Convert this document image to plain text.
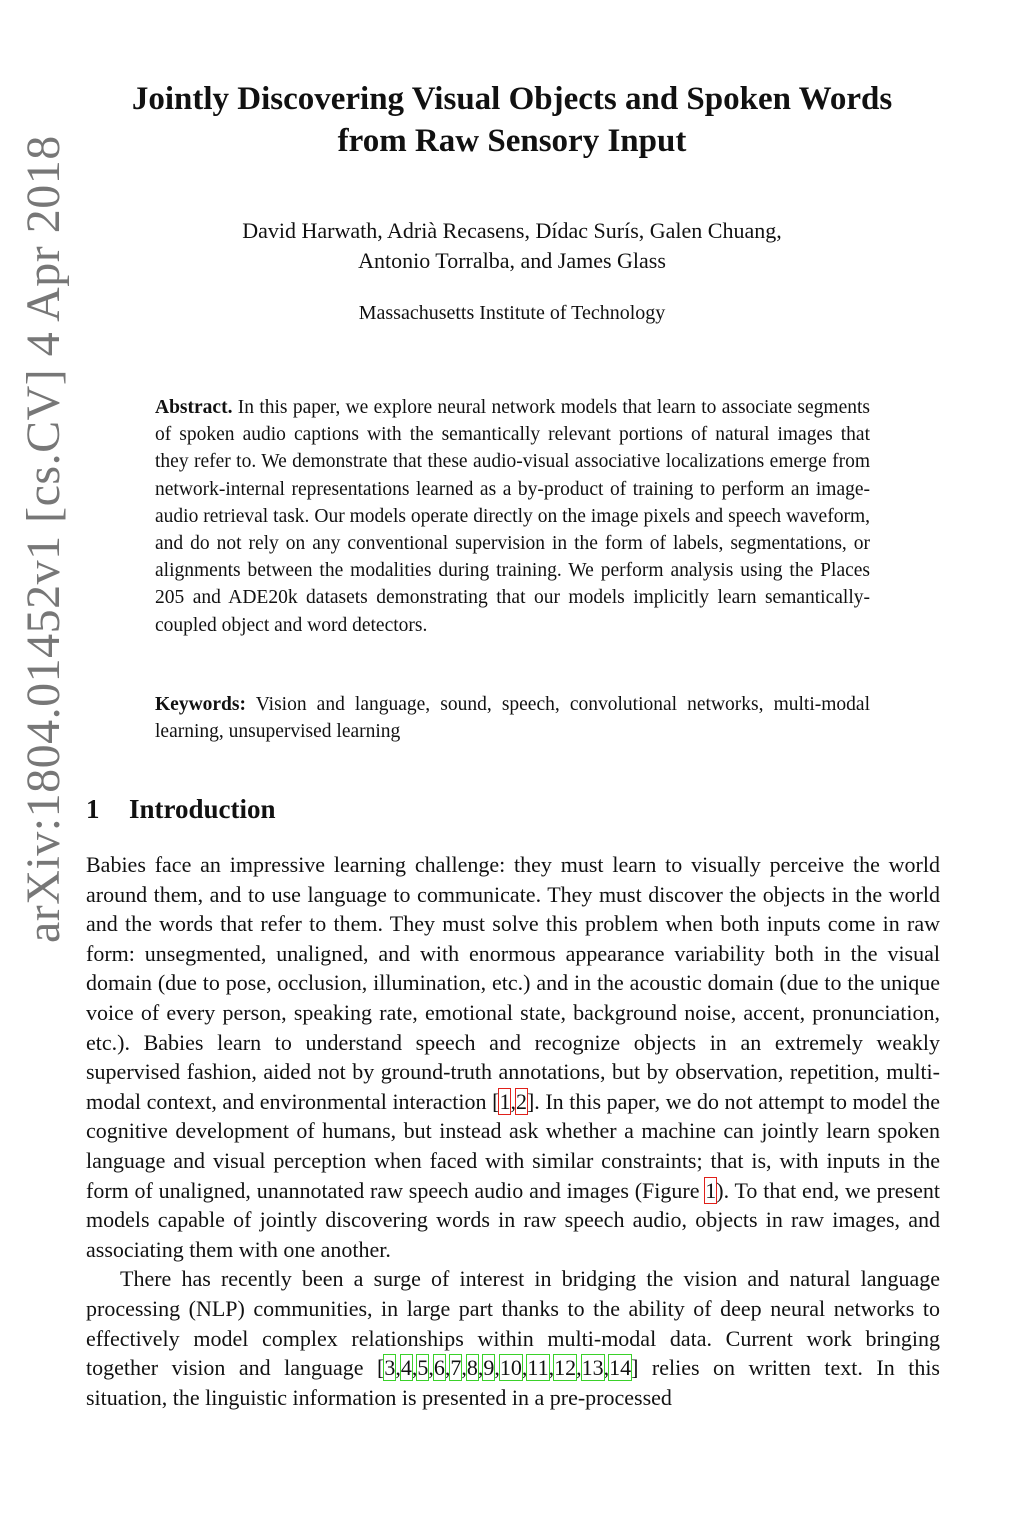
arXiv:1804.01452v1 [cs.CV] 4 Apr 2018
Jointly Discovering Visual Objects and Spoken Words
from Raw Sensory Input
David Harwath, Adrià Recasens, Dídac Surís, Galen Chuang,
Antonio Torralba, and James Glass
Massachusetts Institute of Technology
Abstract. In this paper, we explore neural network models that learn to associate segments of spoken audio captions with the semantically relevant portions of natural images that they refer to. We demonstrate that these audio-visual associative localizations emerge from network-internal representations learned as a by-product of training to perform an image-audio retrieval task. Our models operate directly on the image pixels and speech waveform, and do not rely on any conventional supervision in the form of labels, segmentations, or alignments between the modalities during training. We perform analysis using the Places 205 and ADE20k datasets demonstrating that our models implicitly learn semantically-coupled object and word detectors.
Keywords: Vision and language, sound, speech, convolutional networks, multi-modal learning, unsupervised learning
1 Introduction

Babies face an impressive learning challenge: they must learn to visually perceive the world around them, and to use language to communicate. They must discover the objects in the world and the words that refer to them. They must solve this problem when both inputs come in raw form: unsegmented, unaligned, and with enormous appearance variability both in the visual domain (due to pose, occlusion, illumination, etc.) and in the acoustic domain (due to the unique voice of every person, speaking rate, emotional state, background noise, accent, pronunciation, etc.). Babies learn to understand speech and recognize objects in an extremely weakly supervised fashion, aided not by ground-truth annotations, but by observation, repetition, multi-modal context, and environmental interaction [1,2]. In this paper, we do not attempt to model the cognitive development of humans, but instead ask whether a machine can jointly learn spoken language and visual perception when faced with similar constraints; that is, with inputs in the form of unaligned, unannotated raw speech audio and images (Figure 1). To that end, we present models capable of jointly discovering words in raw speech audio, objects in raw images, and associating them with one another.

There has recently been a surge of interest in bridging the vision and natural language processing (NLP) communities, in large part thanks to the ability of deep neural networks to effectively model complex relationships within multi-modal data. Current work bringing together vision and language [3,4,5,6,7,8,9,10,11,12,13,14] relies on written text. In this situation, the linguistic information is presented in a pre-processed
